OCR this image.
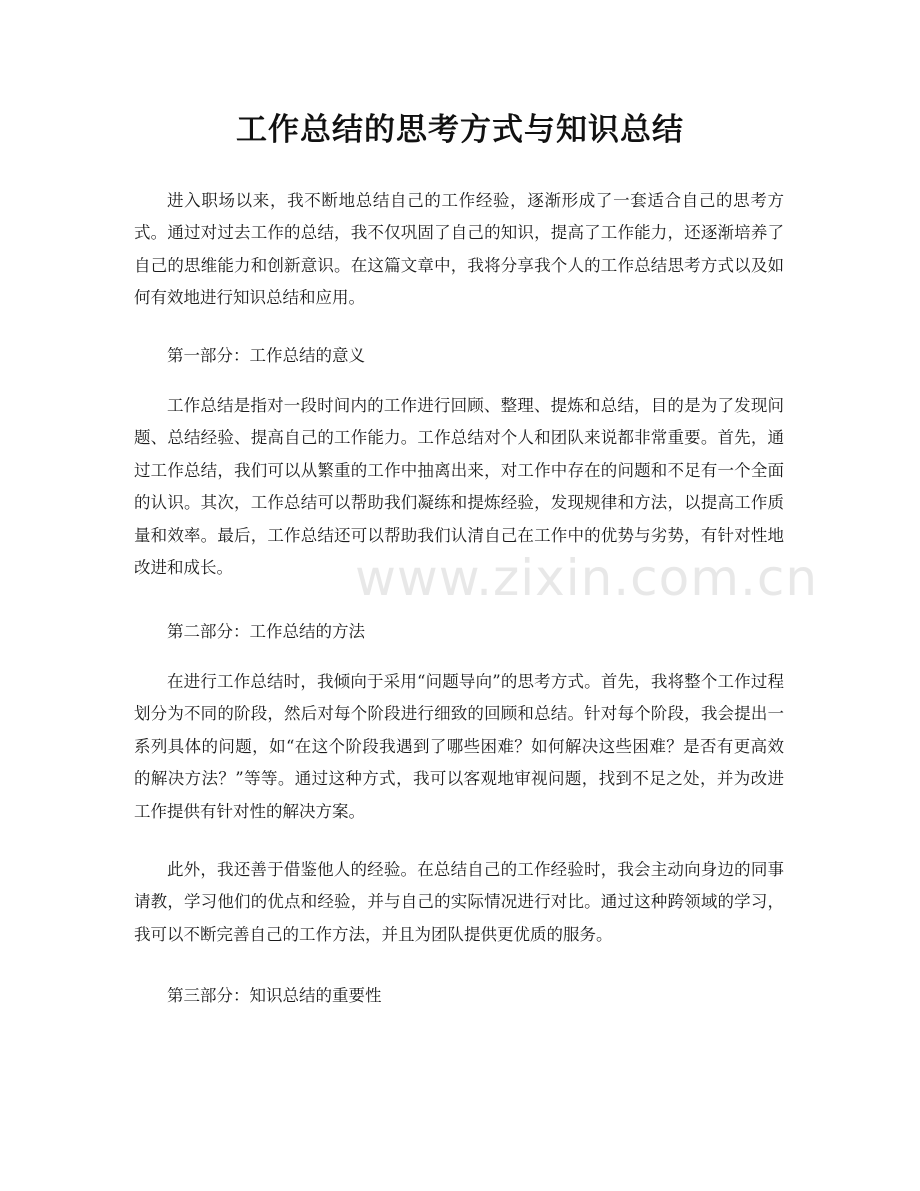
工作总结的思考方式与知识总结

进入职场以来，我不断地总结自己的工作经验，逐渐形成了一套适合自己的思考方式。通过对过去工作的总结，我不仅巩固了自己的知识，提高了工作能力，还逐渐培养了自己的思维能力和创新意识。在这篇文章中，我将分享我个人的工作总结思考方式以及如何有效地进行知识总结和应用。

第一部分：工作总结的意义

工作总结是指对一段时间内的工作进行回顾、整理、提炼和总结，目的是为了发现问题、总结经验、提高自己的工作能力。工作总结对个人和团队来说都非常重要。首先，通过工作总结，我们可以从繁重的工作中抽离出来，对工作中存在的问题和不足有一个全面的认识。其次，工作总结可以帮助我们凝练和提炼经验，发现规律和方法，以提高工作质量和效率。最后，工作总结还可以帮助我们认清自己在工作中的优势与劣势，有针对性地改进和成长。

第二部分：工作总结的方法

在进行工作总结时，我倾向于采用“问题导向”的思考方式。首先，我将整个工作过程划分为不同的阶段，然后对每个阶段进行细致的回顾和总结。针对每个阶段，我会提出一系列具体的问题，如“在这个阶段我遇到了哪些困难？如何解决这些困难？是否有更高效的解决方法？”等等。通过这种方式，我可以客观地审视问题，找到不足之处，并为改进工作提供有针对性的解决方案。

此外，我还善于借鉴他人的经验。在总结自己的工作经验时，我会主动向身边的同事请教，学习他们的优点和经验，并与自己的实际情况进行对比。通过这种跨领域的学习，我可以不断完善自己的工作方法，并且为团队提供更优质的服务。

第三部分：知识总结的重要性

www.zixin.com.cn
